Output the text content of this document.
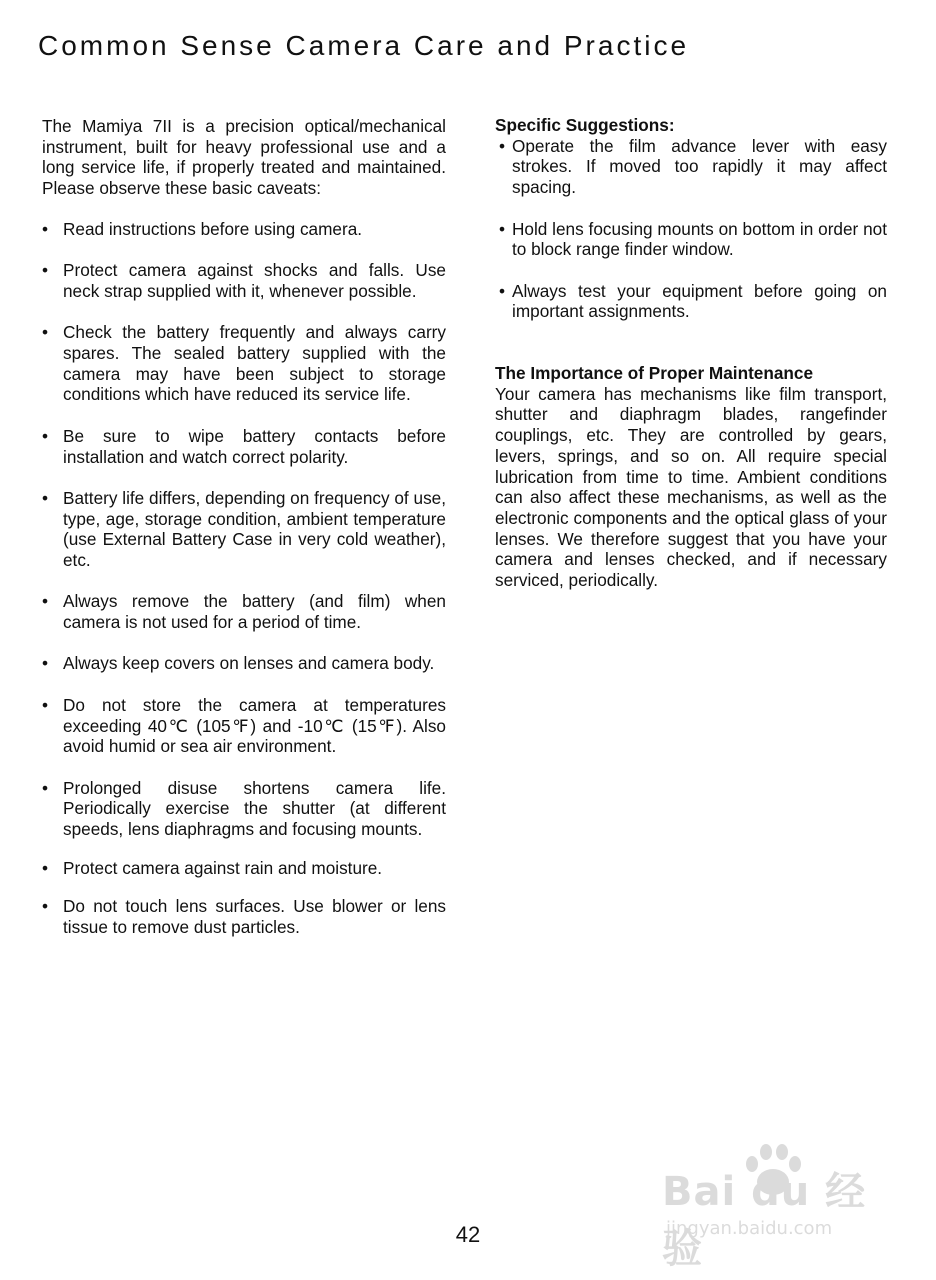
Common Sense Camera Care and Practice

The Mamiya 7II is a precision optical/mechanical instrument, built for heavy professional use and a long service life, if properly treated and maintained. Please observe these basic caveats:

• Read instructions before using camera.

• Protect camera against shocks and falls. Use neck strap supplied with it, whenever possible.

• Check the battery frequently and always carry spares. The sealed battery supplied with the camera may have been subject to storage conditions which have reduced its service life.

• Be sure to wipe battery contacts before installation and watch correct polarity.

• Battery life differs, depending on frequency of use, type, age, storage condition, ambient temperature (use External Battery Case in very cold weather), etc.

• Always remove the battery (and film) when camera is not used for a period of time.

• Always keep covers on lenses and camera body.

• Do not store the camera at temperatures exceeding 40℃ (105℉) and -10℃ (15℉). Also avoid humid or sea air environment.

• Prolonged disuse shortens camera life. Periodically exercise the shutter (at different speeds, lens diaphragms and focusing mounts.

• Protect camera against rain and moisture.

• Do not touch lens surfaces. Use blower or lens tissue to remove dust particles.

Specific Suggestions:

• Operate the film advance lever with easy strokes. If moved too rapidly it may affect spacing.

• Hold lens focusing mounts on bottom in order not to block range finder window.

• Always test your equipment before going on important assignments.

The Importance of Proper Maintenance

Your camera has mechanisms like film transport, shutter and diaphragm blades, rangefinder couplings, etc. They are controlled by gears, levers, springs, and so on. All require special lubrication from time to time. Ambient conditions can also affect these mechanisms, as well as the electronic components and the optical glass of your lenses. We therefore suggest that you have your camera and lenses checked, and if necessary serviced, periodically.

Bai du 经验
jingyan.baidu.com
42
